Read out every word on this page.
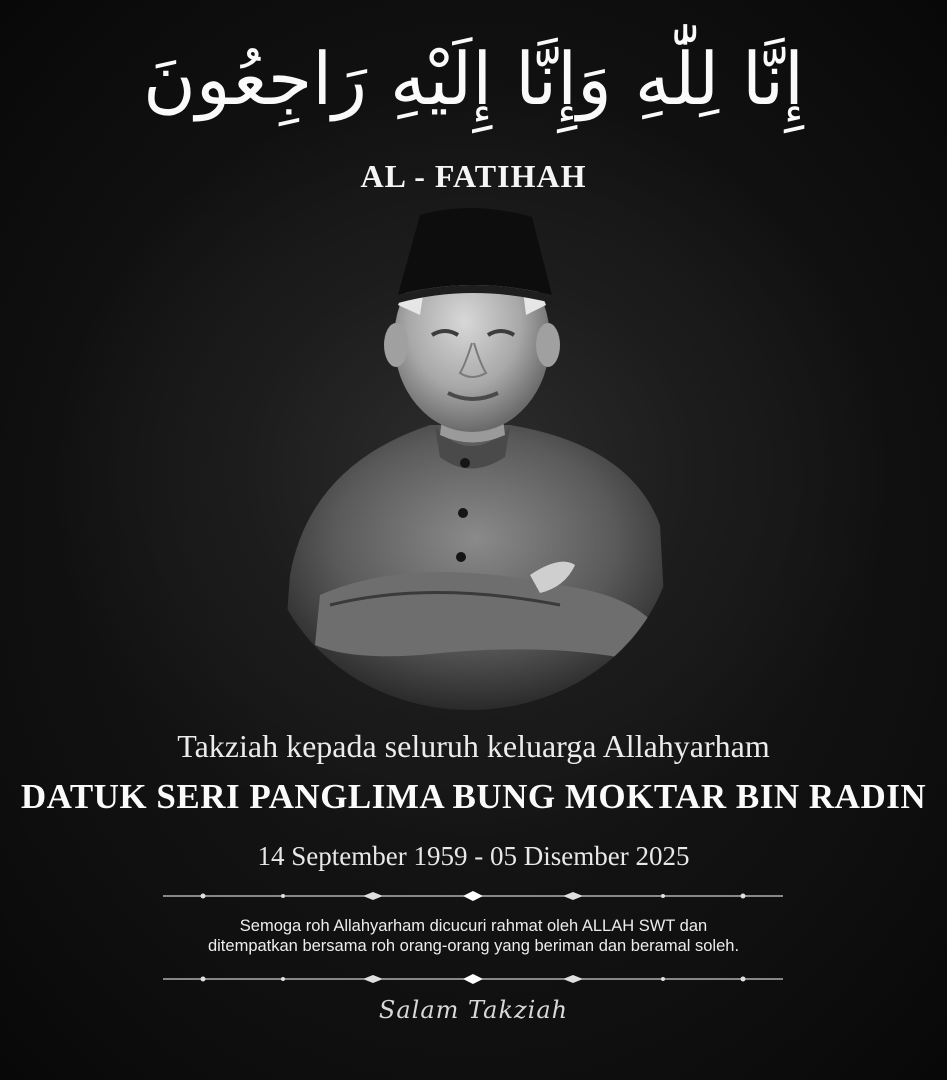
إِنَّا لِلّٰهِ وَإِنَّا إِلَيْهِ رَاجِعُونَ
AL - FATIHAH
Takziah kepada seluruh keluarga Allahyarham
DATUK SERI PANGLIMA BUNG MOKTAR BIN RADIN
14 September 1959 - 05 Disember 2025
Semoga roh Allahyarham dicucuri rahmat oleh ALLAH SWT dan
ditempatkan bersama roh orang-orang yang beriman dan beramal soleh.
Salam Takziah
